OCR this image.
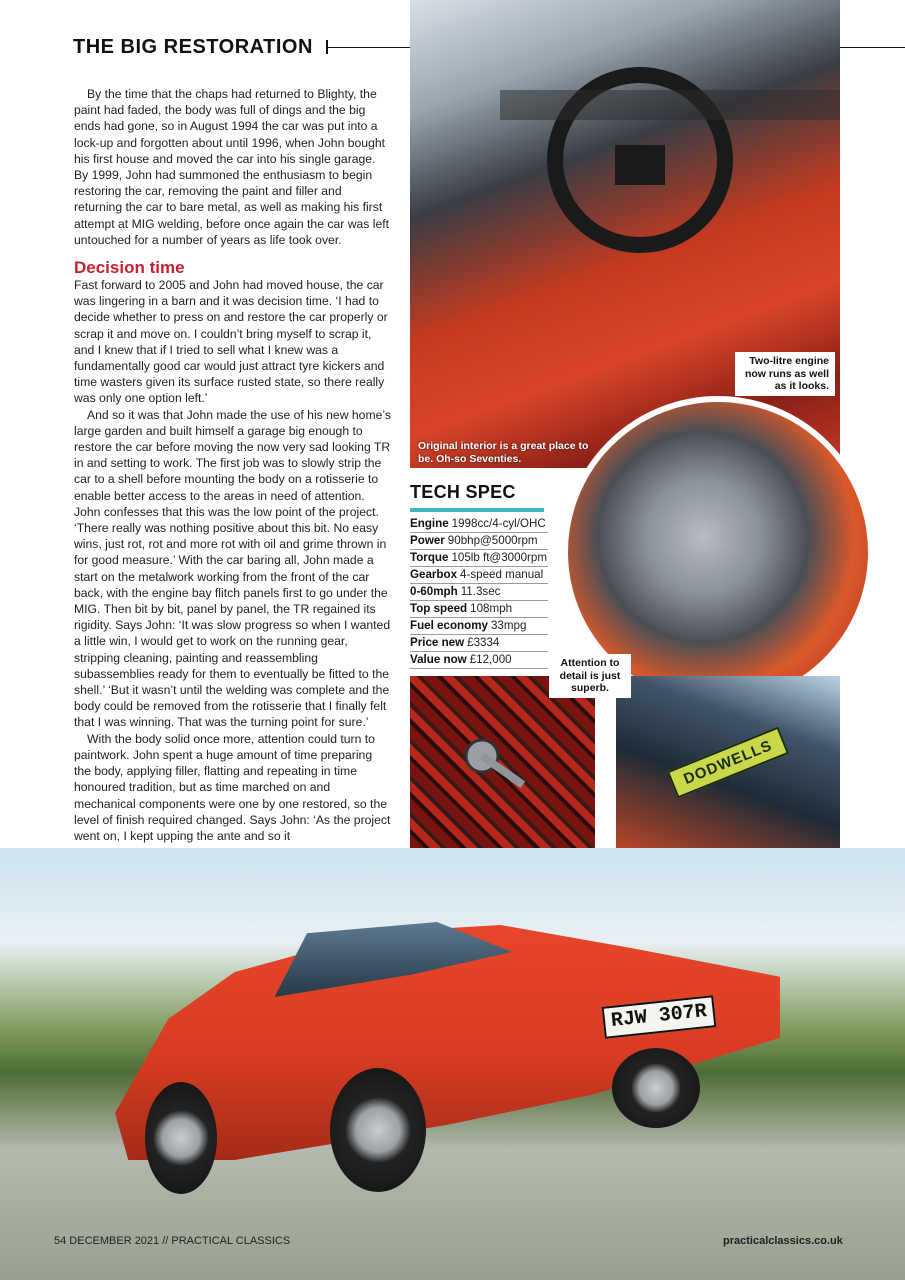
THE BIG RESTORATION

By the time that the chaps had returned to Blighty, the paint had faded, the body was full of dings and the big ends had gone, so in August 1994 the car was put into a lock-up and forgotten about until 1996, when John bought his first house and moved the car into his single garage. By 1999, John had summoned the enthusiasm to begin restoring the car, removing the paint and filler and returning the car to bare metal, as well as making his first attempt at MIG welding, before once again the car was left untouched for a number of years as life took over.

Decision time

Fast forward to 2005 and John had moved house, the car was lingering in a barn and it was decision time. ‘I had to decide whether to press on and restore the car properly or scrap it and move on. I couldn’t bring myself to scrap it, and I knew that if I tried to sell what I knew was a fundamentally good car would just attract tyre kickers and time wasters given its surface rusted state, so there really was only one option left.’

And so it was that John made the use of his new home’s large garden and built himself a garage big enough to restore the car before moving the now very sad looking TR in and setting to work. The first job was to slowly strip the car to a shell before mounting the body on a rotisserie to enable better access to the areas in need of attention. John confesses that this was the low point of the project. ‘There really was nothing positive about this bit. No easy wins, just rot, rot and more rot with oil and grime thrown in for good measure.’ With the car baring all, John made a start on the metalwork working from the front of the car back, with the engine bay flitch panels first to go under the MIG. Then bit by bit, panel by panel, the TR regained its rigidity. Says John: ‘It was slow progress so when I wanted a little win, I would get to work on the running gear, stripping cleaning, painting and reassembling subassemblies ready for them to eventually be fitted to the shell.’ ‘But it wasn’t until the welding was complete and the body could be removed from the rotisserie that I finally felt that I was winning. That was the turning point for sure.’

With the body solid once more, attention could turn to paintwork. John spent a huge amount of time preparing the body, applying filler, flatting and repeating in time honoured tradition, but as time marched on and mechanical components were one by one restored, so the level of finish required changed. Says John: ‘As the project went on, I kept upping the ante and so it

DODWELLS
RJW 307R
Two-litre engine now runs as well as it looks.
Original interior is a great place to be. Oh-so Seventies.
Attention to detail is just superb.
TECH SPEC
Engine 1998cc/4-cyl/OHC
Power 90bhp@5000rpm
Torque 105lb ft@3000rpm
Gearbox 4-speed manual
0-60mph 11.3sec
Top speed 108mph
Fuel economy 33mpg
Price new £3334
Value now £12,000
54 DECEMBER 2021 // PRACTICAL CLASSICS	practicalclassics.co.uk
